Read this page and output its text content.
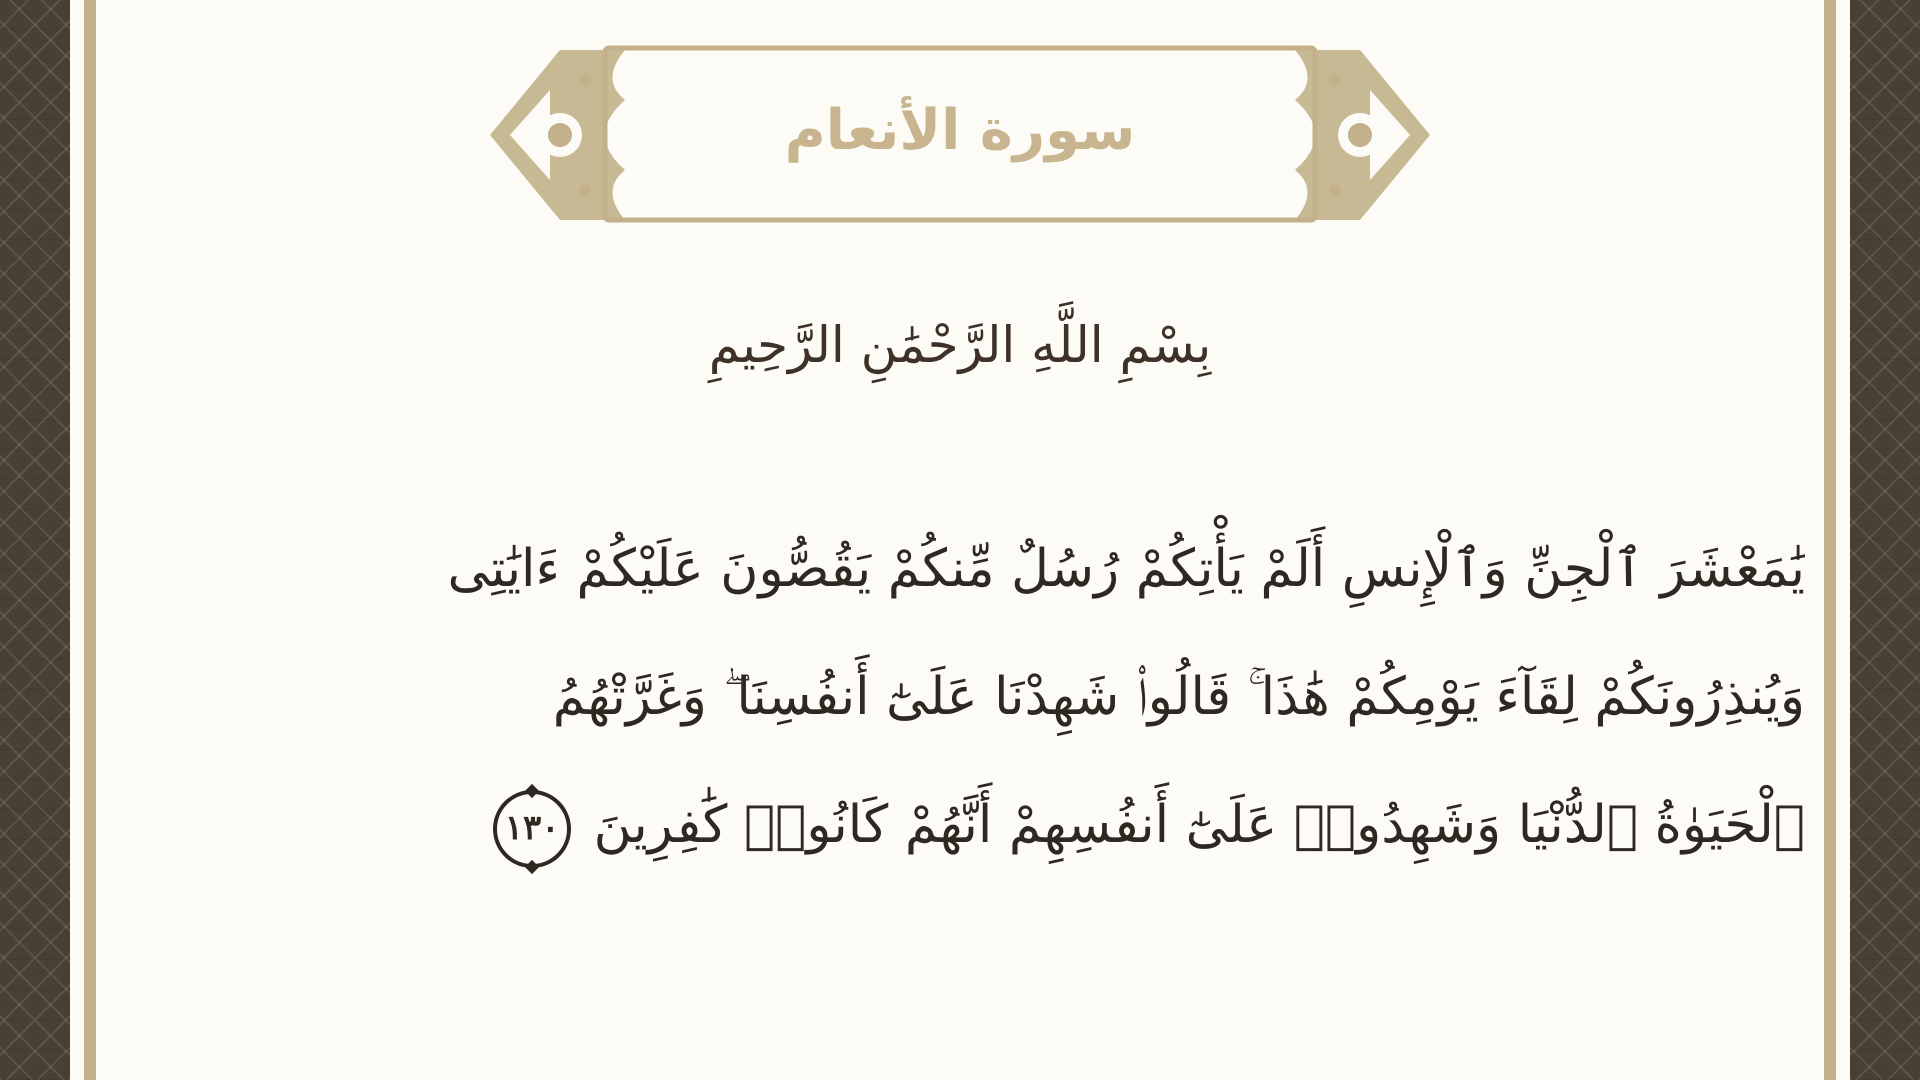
سورة الأنعام
بِسْمِ اللَّهِ الرَّحْمَٰنِ الرَّحِيمِ
يَٰمَعْشَرَ ٱلْجِنِّ وَٱلْإِنسِ أَلَمْ يَأْتِكُمْ رُسُلٌ مِّنكُمْ يَقُصُّونَ عَلَيْكُمْ ءَايَٰتِى
وَيُنذِرُونَكُمْ لِقَآءَ يَوْمِكُمْ هَٰذَا ۚ قَالُوا۟ شَهِدْنَا عَلَىٰٓ أَنفُسِنَا ۖ وَغَرَّتْهُمُ
ٱلْحَيَوٰةُ ٱلدُّنْيَا وَشَهِدُوا۟ عَلَىٰٓ أَنفُسِهِمْ أَنَّهُمْ كَانُوا۟ كَٰفِرِينَ ١٣٠
